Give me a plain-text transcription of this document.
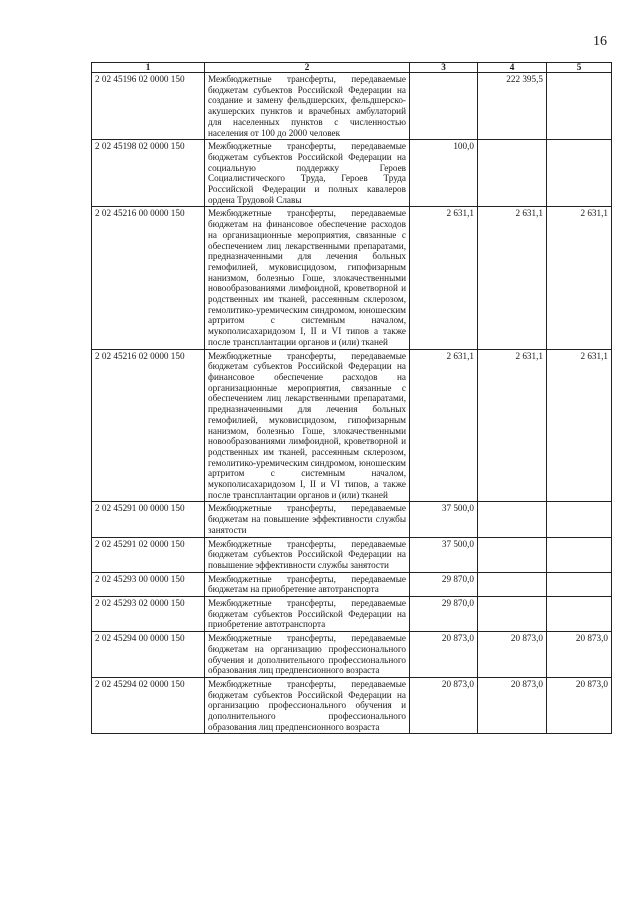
16
1	2	3	4	5
2 02 45196 02 0000 150	Межбюджетные трансферты, передаваемые бюджетам субъектов Российской Федерации на создание и замену фельдшерских, фельдшерско-акушерских пунктов и врачебных амбулаторий для населенных пунктов с численностью населения от 100 до 2000 человек		222 395,5	
2 02 45198 02 0000 150	Межбюджетные трансферты, передаваемые бюджетам субъектов Российской Федерации на социальную поддержку Героев Социалистического Труда, Героев Труда Российской Федерации и полных кавалеров ордена Трудовой Славы	100,0		
2 02 45216 00 0000 150	Межбюджетные трансферты, передаваемые бюджетам на финансовое обеспечение расходов на организационные мероприятия, связанные с обеспечением лиц лекарственными препаратами, предназначенными для лечения больных гемофилией, муковисцидозом, гипофизарным нанизмом, болезнью Гоше, злокачественными новообразованиями лимфоидной, кроветворной и родственных им тканей, рассеянным склерозом, гемолитико-уремическим синдромом, юношеским артритом с системным началом, мукополисахаридозом I, II и VI типов а также после трансплантации органов и (или) тканей	2 631,1	2 631,1	2 631,1
2 02 45216 02 0000 150	Межбюджетные трансферты, передаваемые бюджетам субъектов Российской Федерации на финансовое обеспечение расходов на организационные мероприятия, связанные с обеспечением лиц лекарственными препаратами, предназначенными для лечения больных гемофилией, муковисцидозом, гипофизарным нанизмом, болезнью Гоше, злокачественными новообразованиями лимфоидной, кроветворной и родственных им тканей, рассеянным склерозом, гемолитико-уремическим синдромом, юношеским артритом с системным началом, мукополисахаридозом I, II и VI типов, а также после трансплантации органов и (или) тканей	2 631,1	2 631,1	2 631,1
2 02 45291 00 0000 150	Межбюджетные трансферты, передаваемые бюджетам на повышение эффективности службы занятости	37 500,0		
2 02 45291 02 0000 150	Межбюджетные трансферты, передаваемые бюджетам субъектов Российской Федерации на повышение эффективности службы занятости	37 500,0		
2 02 45293 00 0000 150	Межбюджетные трансферты, передаваемые бюджетам на приобретение автотранспорта	29 870,0		
2 02 45293 02 0000 150	Межбюджетные трансферты, передаваемые бюджетам субъектов Российской Федерации на приобретение автотранспорта	29 870,0		
2 02 45294 00 0000 150	Межбюджетные трансферты, передаваемые бюджетам на организацию профессионального обучения и дополнительного профессионального образования лиц предпенсионного возраста	20 873,0	20 873,0	20 873,0
2 02 45294 02 0000 150	Межбюджетные трансферты, передаваемые бюджетам субъектов Российской Федерации на организацию профессионального обучения и дополнительного профессионального образования лиц предпенсионного возраста	20 873,0	20 873,0	20 873,0
